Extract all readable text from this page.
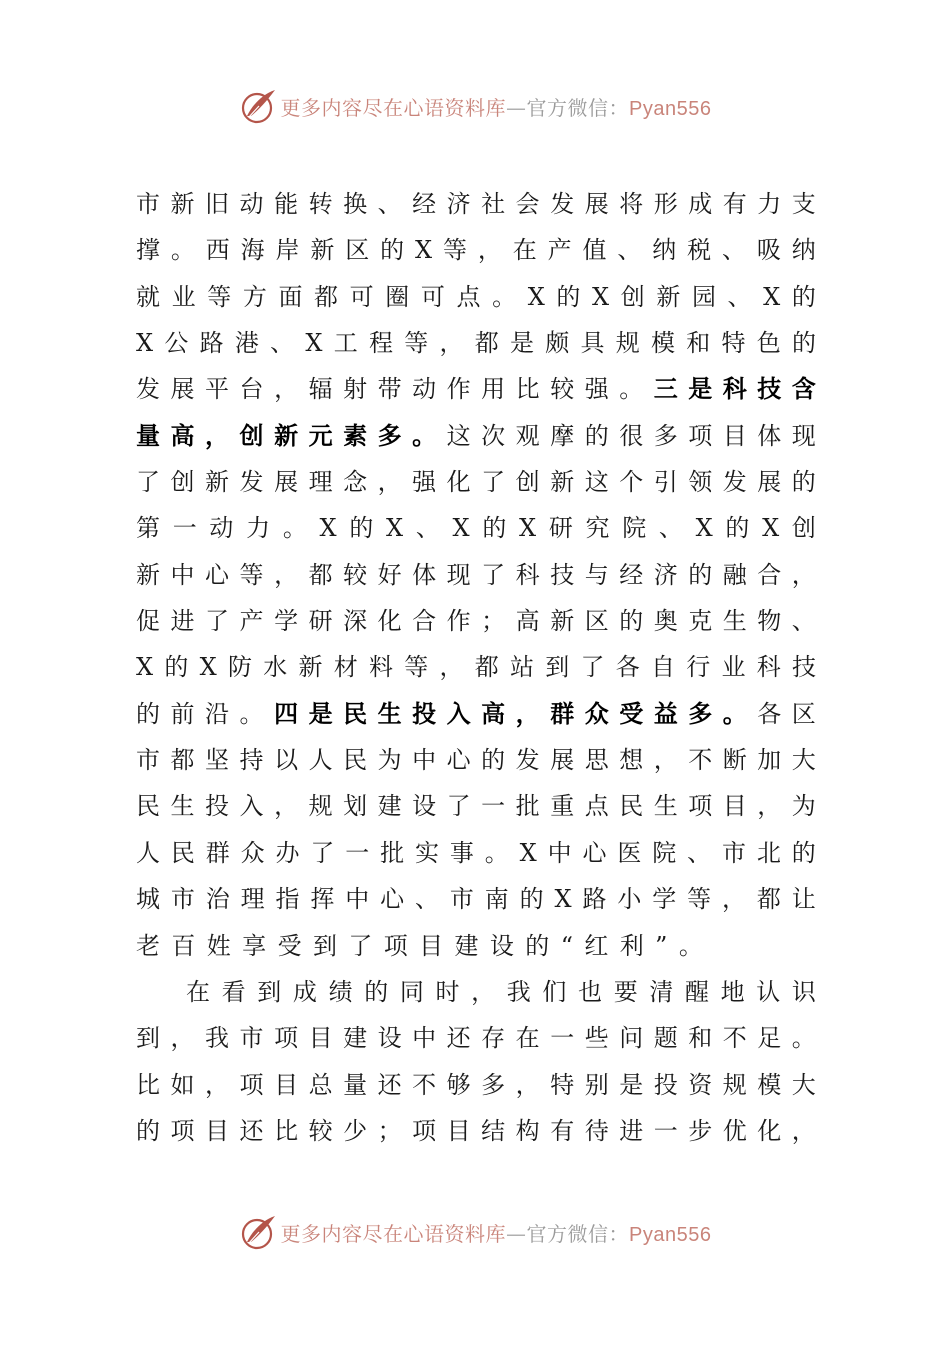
更多内容尽在心语资料库—官方微信：Pyan556
市 新 旧 动 能 转 换 、 经 济 社 会 发 展 将 形 成 有 力 支
撑 。 西 海 岸 新 区 的 X 等 ， 在 产 值 、 纳 税 、 吸 纳
就 业 等 方 面 都 可 圈 可 点 。 X 的 X 创 新 园 、 X 的
X 公 路 港 、 X 工 程 等 ， 都 是 颇 具 规 模 和 特 色 的
发 展 平 台 ， 辐 射 带 动 作 用 比 较 强 。 三 是 科 技 含
量 高 ， 创 新 元 素 多 。 这 次 观 摩 的 很 多 项 目 体 现
了 创 新 发 展 理 念 ， 强 化 了 创 新 这 个 引 领 发 展 的
第 一 动 力 。 X 的 X 、 X 的 X 研 究 院 、 X 的 X 创
新 中 心 等 ， 都 较 好 体 现 了 科 技 与 经 济 的 融 合 ，
促 进 了 产 学 研 深 化 合 作 ； 高 新 区 的 奥 克 生 物 、
X 的 X 防 水 新 材 料 等 ， 都 站 到 了 各 自 行 业 科 技
的 前 沿 。 四 是 民 生 投 入 高 ， 群 众 受 益 多 。 各 区
市 都 坚 持 以 人 民 为 中 心 的 发 展 思 想 ， 不 断 加 大
民 生 投 入 ， 规 划 建 设 了 一 批 重 点 民 生 项 目 ， 为
人 民 群 众 办 了 一 批 实 事 。 X 中 心 医 院 、 市 北 的
城 市 治 理 指 挥 中 心 、 市 南 的 X 路 小 学 等 ， 都 让
老 百 姓 享 受 到 了 项 目 建 设 的 “ 红 利 ” 。
在 看 到 成 绩 的 同 时 ， 我 们 也 要 清 醒 地 认 识
到 ， 我 市 项 目 建 设 中 还 存 在 一 些 问 题 和 不 足 。
比 如 ， 项 目 总 量 还 不 够 多 ， 特 别 是 投 资 规 模 大
的 项 目 还 比 较 少 ； 项 目 结 构 有 待 进 一 步 优 化 ，
更多内容尽在心语资料库—官方微信：Pyan556
